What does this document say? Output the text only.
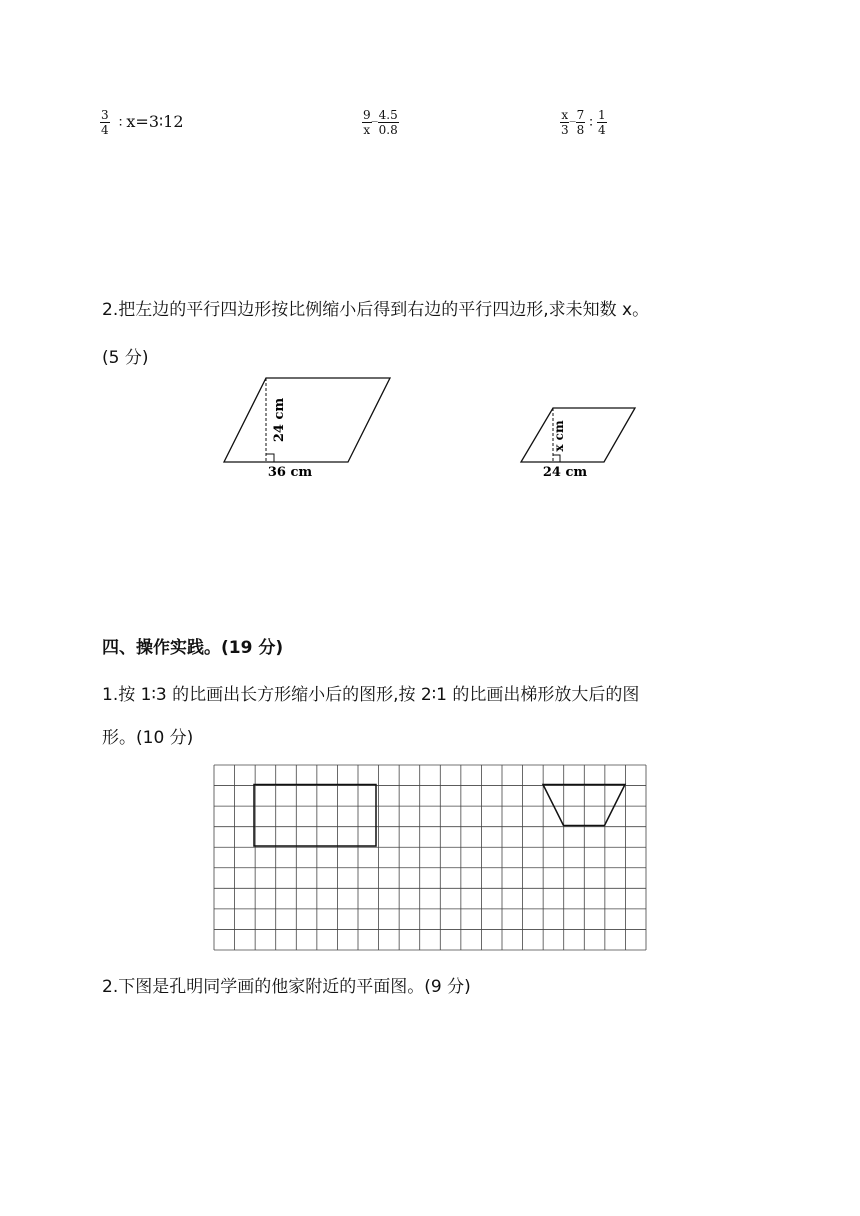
$\frac{3}{4}$ ∶ x=3∶12	$\frac{9}{x} ^{\_} \frac{4.5}{0.8}$	$\frac{x}{3} ^{\_} \frac{7}{8}$ ∶ $\frac{1}{4}$
2.把左边的平行四边形按比例缩小后得到右边的平行四边形,求未知数 x。
(5 分)
24 cm
36 cm
x cm
24 cm
四、操作实践。(19 分)
1.按 1∶3 的比画出长方形缩小后的图形,按 2∶1 的比画出梯形放大后的图
形。(10 分)
2.下图是孔明同学画的他家附近的平面图。(9 分)
